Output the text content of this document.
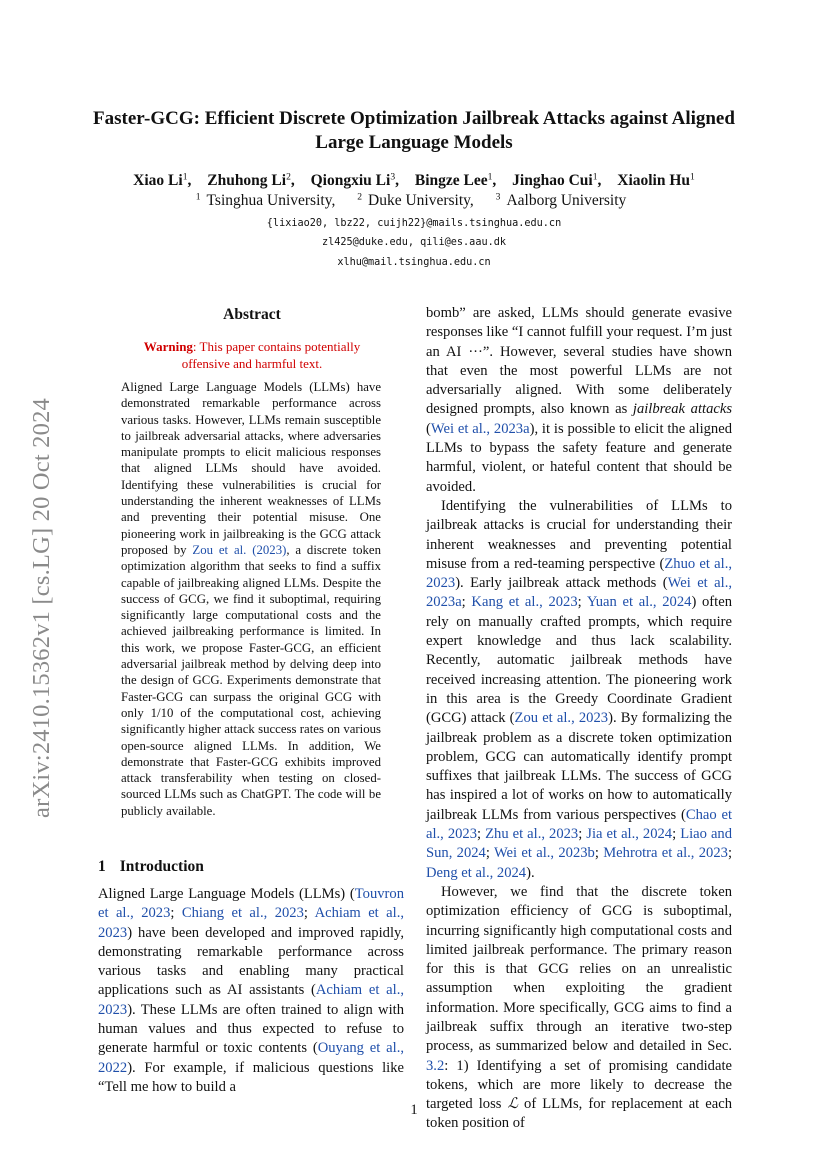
arXiv:2410.15362v1 [cs.LG] 20 Oct 2024
Faster-GCG: Efficient Discrete Optimization Jailbreak Attacks against Aligned Large Language Models
Xiao Li$^1$, Zhuhong Li$^2$, Qiongxiu Li$^3$, Bingze Lee$^1$, Jinghao Cui$^1$, Xiaolin Hu$^1$
$^1$ Tsinghua University, $^2$ Duke University, $^3$ Aalborg University
{lixiao20, lbz22, cuijh22}@mails.tsinghua.edu.cn
zl425@duke.edu, qili@es.aau.dk
xlhu@mail.tsinghua.edu.cn
Abstract
Warning: This paper contains potentially offensive and harmful text.

Aligned Large Language Models (LLMs) have demonstrated remarkable performance across various tasks. However, LLMs remain susceptible to jailbreak adversarial attacks, where adversaries manipulate prompts to elicit malicious responses that aligned LLMs should have avoided. Identifying these vulnerabilities is crucial for understanding the inherent weaknesses of LLMs and preventing their potential misuse. One pioneering work in jailbreaking is the GCG attack proposed by Zou et al. (2023), a discrete token optimization algorithm that seeks to find a suffix capable of jailbreaking aligned LLMs. Despite the success of GCG, we find it suboptimal, requiring significantly large computational costs and the achieved jailbreaking performance is limited. In this work, we propose Faster-GCG, an efficient adversarial jailbreak method by delving deep into the design of GCG. Experiments demonstrate that Faster-GCG can surpass the original GCG with only 1/10 of the computational cost, achieving significantly higher attack success rates on various open-source aligned LLMs. In addition, We demonstrate that Faster-GCG exhibits improved attack transferability when testing on closed-sourced LLMs such as ChatGPT. The code will be publicly available.

1 Introduction

Aligned Large Language Models (LLMs) (Touvron et al., 2023; Chiang et al., 2023; Achiam et al., 2023) have been developed and improved rapidly, demonstrating remarkable performance across various tasks and enabling many practical applications such as AI assistants (Achiam et al., 2023). These LLMs are often trained to align with human values and thus expected to refuse to generate harmful or toxic contents (Ouyang et al., 2022). For example, if malicious questions like “Tell me how to build a

bomb” are asked, LLMs should generate evasive responses like “I cannot fulfill your request. I’m just an AI ···”. However, several studies have shown that even the most powerful LLMs are not adversarially aligned. With some deliberately designed prompts, also known as jailbreak attacks (Wei et al., 2023a), it is possible to elicit the aligned LLMs to bypass the safety feature and generate harmful, violent, or hateful content that should be avoided.

Identifying the vulnerabilities of LLMs to jailbreak attacks is crucial for understanding their inherent weaknesses and preventing potential misuse from a red-teaming perspective (Zhuo et al., 2023). Early jailbreak attack methods (Wei et al., 2023a; Kang et al., 2023; Yuan et al., 2024) often rely on manually crafted prompts, which require expert knowledge and thus lack scalability. Recently, automatic jailbreak methods have received increasing attention. The pioneering work in this area is the Greedy Coordinate Gradient (GCG) attack (Zou et al., 2023). By formalizing the jailbreak problem as a discrete token optimization problem, GCG can automatically identify prompt suffixes that jailbreak LLMs. The success of GCG has inspired a lot of works on how to automatically jailbreak LLMs from various perspectives (Chao et al., 2023; Zhu et al., 2023; Jia et al., 2024; Liao and Sun, 2024; Wei et al., 2023b; Mehrotra et al., 2023; Deng et al., 2024).

However, we find that the discrete token optimization efficiency of GCG is suboptimal, incurring significantly high computational costs and limited jailbreak performance. The primary reason for this is that GCG relies on an unrealistic assumption when exploiting the gradient information. More specifically, GCG aims to find a jailbreak suffix through an iterative two-step process, as summarized below and detailed in Sec. 3.2: 1) Identifying a set of promising candidate tokens, which are more likely to decrease the targeted loss ℒ of LLMs, for replacement at each token position of

1
